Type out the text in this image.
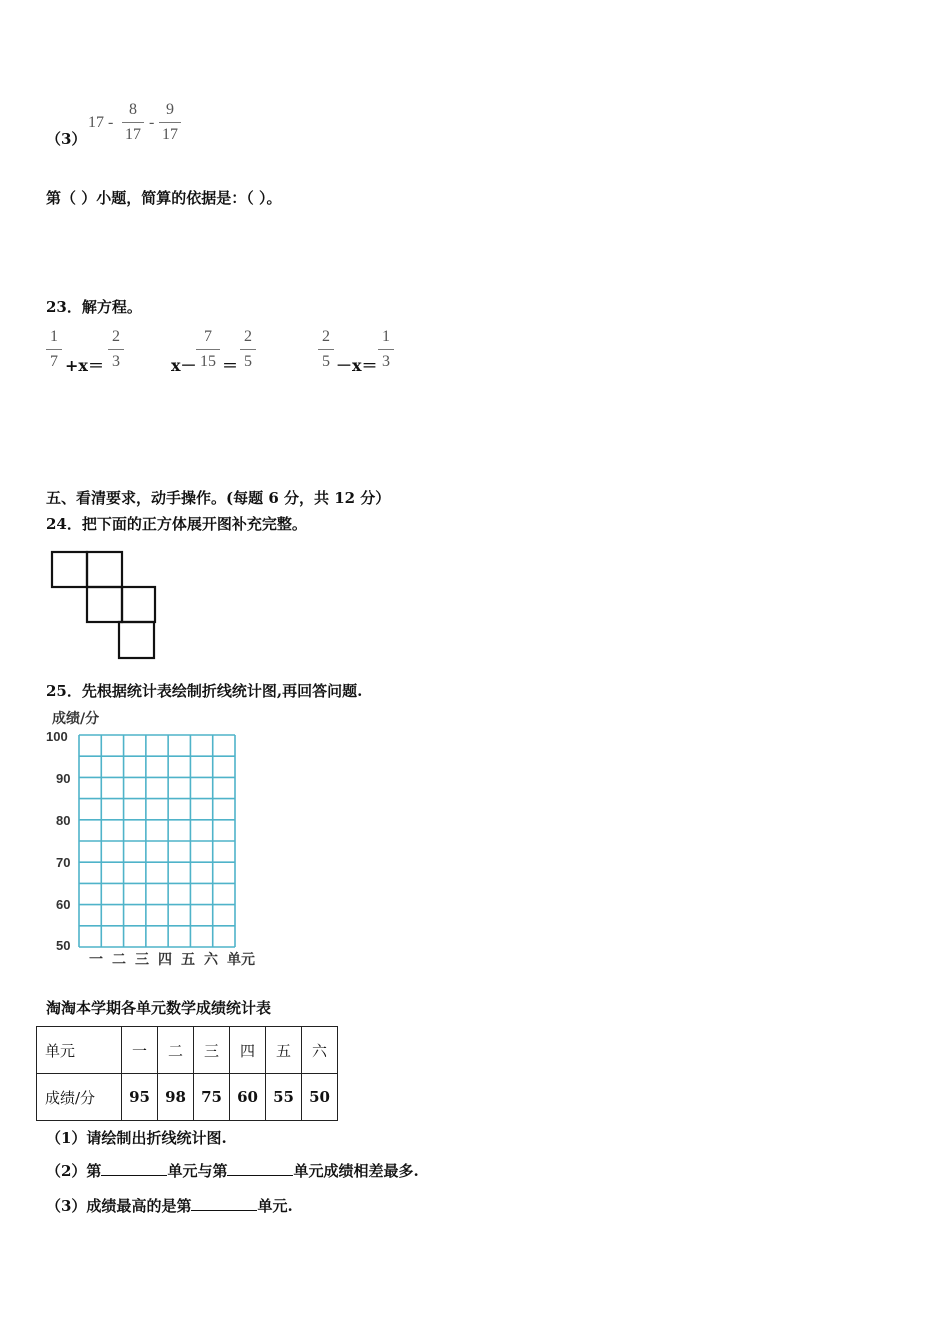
（3）
17 -
8
17
-
9
17
第（ ）小题，简算的依据是：（ ）。
23．解方程。
1
7 +x＝
2
3	x－
7
15 ＝
2
5
2
5 －x＝
1
3
五、看清要求，动手操作。(每题 6 分，共 12 分）
24．把下面的正方体展开图补充完整。
25．先根据统计表绘制折线统计图,再回答问题.
成绩/分
100
90
80
70
60
50
一 二 三 四 五 六 单元
淘淘本学期各单元数学成绩统计表
单元	一	二	三	四	五	六
成绩/分	95	98	75	60	55	50
（1）请绘制出折线统计图.
（2）第	单元与第	单元成绩相差最多.
（3）成绩最高的是第	单元.
